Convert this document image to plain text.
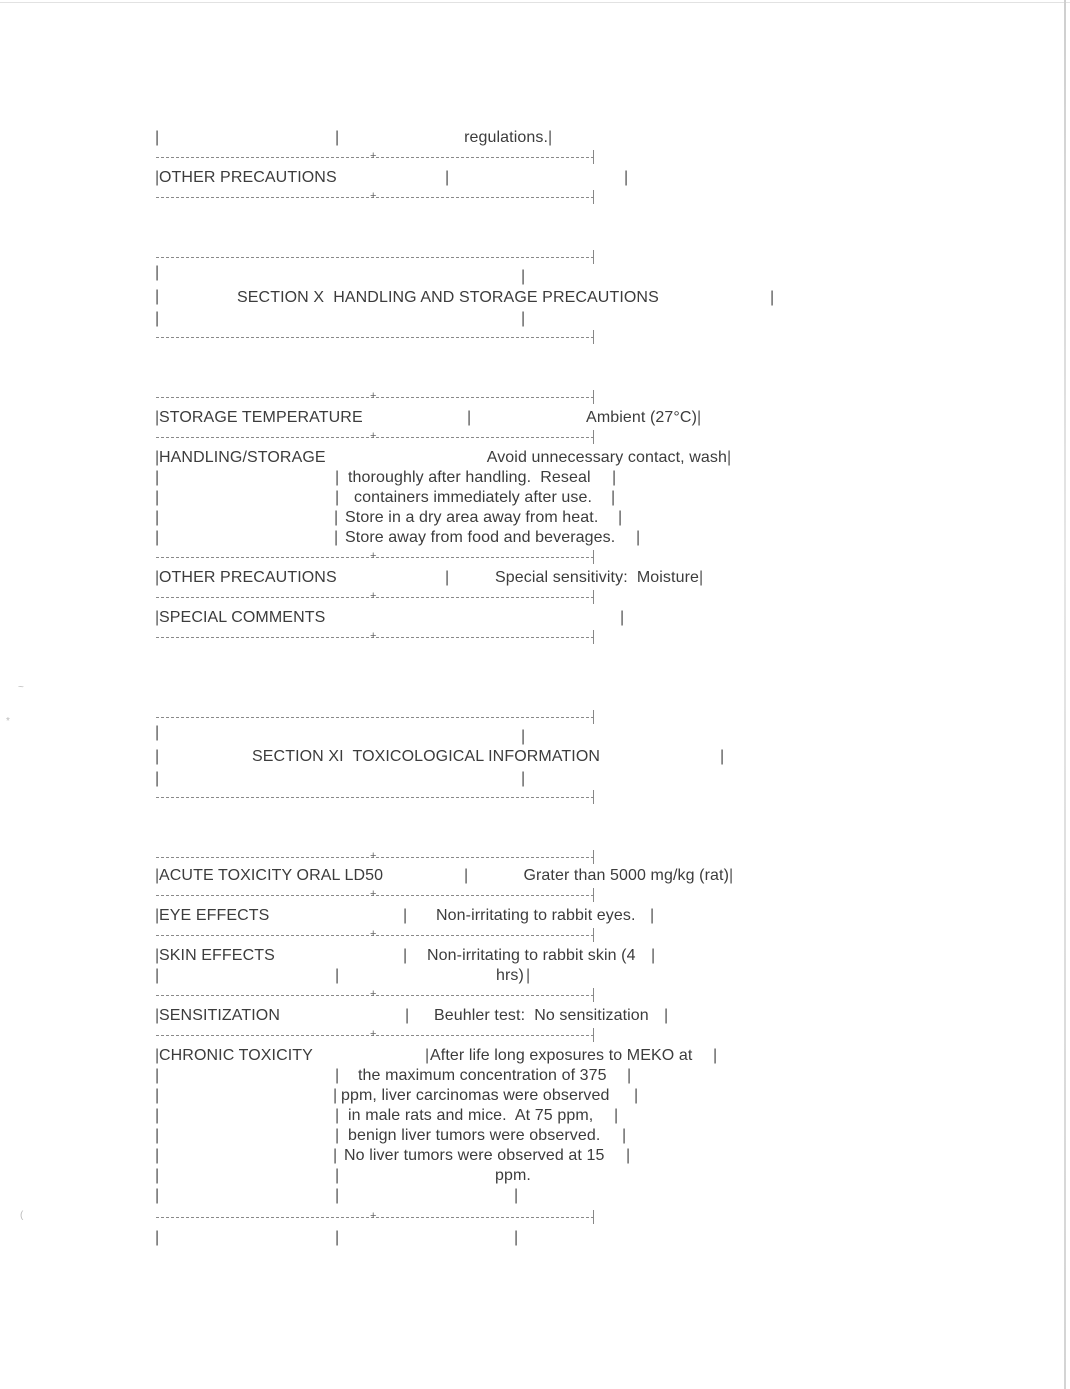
~
*
(
|	|	regulations. |
+
| OTHER PRECAUTIONS	|	|
+
|	|
|	SECTION X  HANDLING AND STORAGE PRECAUTIONS	|
|	|
+
| STORAGE TEMPERATURE	|	Ambient (27°C) |
+
| HANDLING/STORAGE	Avoid unnecessary contact, wash |
|	| thoroughly after handling.  Reseal |
|	| containers immediately after use. |
|	| Store in a dry area away from heat. |
|	| Store away from food and beverages. |
+
| OTHER PRECAUTIONS	|	Special sensitivity:  Moisture |
+
| SPECIAL COMMENTS	|
+
|	|
|	SECTION XI  TOXICOLOGICAL INFORMATION	|
|	|
+
| ACUTE TOXICITY ORAL LD50	|	Grater than 5000 mg/kg (rat) |
+
| EYE EFFECTS	| Non-irritating to rabbit eyes. |
+
| SKIN EFFECTS	| Non-irritating to rabbit skin (4 |
|	|	hrs) |
+
| SENSITIZATION	| Beuhler test:  No sensitization |
+
| CHRONIC TOXICITY	| After life long exposures to MEKO at |
|	| the maximum concentration of 375 |
|	| ppm, liver carcinomas were observed |
|	| in male rats and mice.  At 75 ppm, |
|	| benign liver tumors were observed. |
|	| No liver tumors were observed at 15 |
|	|	ppm.
|	|	|
+
|	|	|
